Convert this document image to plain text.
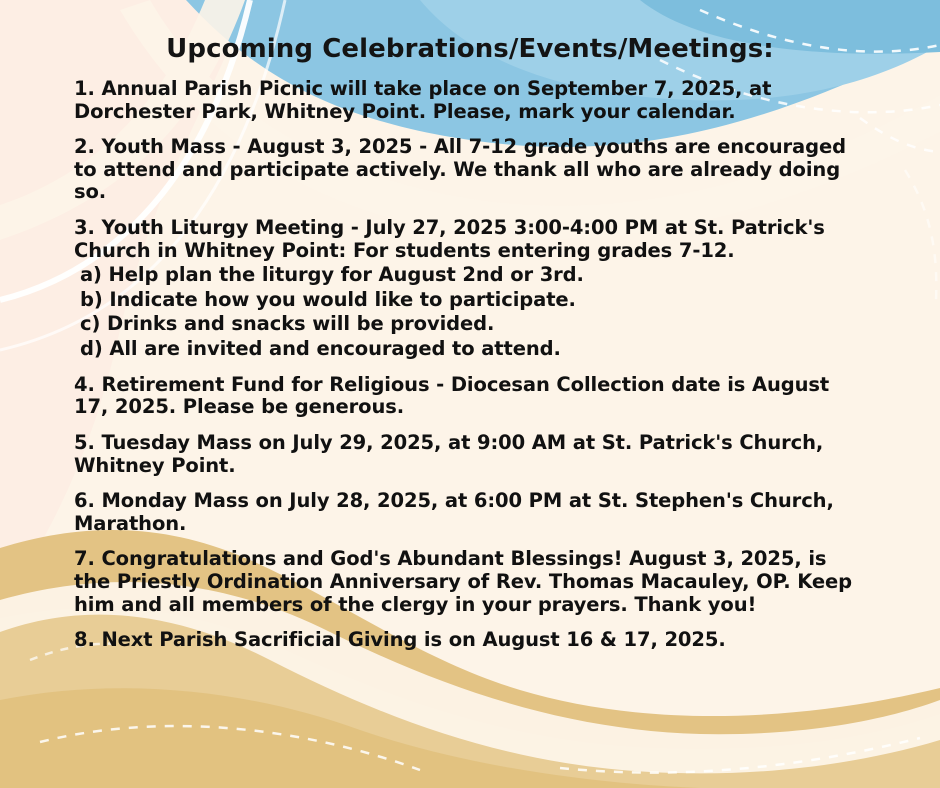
Upcoming Celebrations/Events/Meetings:

1. Annual Parish Picnic will take place on September 7, 2025, at Dorchester Park, Whitney Point. Please, mark your calendar.

2. Youth Mass - August 3, 2025 - All 7-12 grade youths are encouraged to attend and participate actively. We thank all who are already doing so.

3. Youth Liturgy Meeting - July 27, 2025 3:00-4:00 PM at St. Patrick's Church in Whitney Point: For students entering grades 7-12.

a) Help plan the liturgy for August 2nd or 3rd.

b) Indicate how you would like to participate.

c) Drinks and snacks will be provided.

d) All are invited and encouraged to attend.

4. Retirement Fund for Religious - Diocesan Collection date is August 17, 2025. Please be generous.

5. Tuesday Mass on July 29, 2025, at 9:00 AM at St. Patrick's Church, Whitney Point.

6. Monday Mass on July 28, 2025, at 6:00 PM at St. Stephen's Church, Marathon.

7. Congratulations and God's Abundant Blessings! August 3, 2025, is the Priestly Ordination Anniversary of Rev. Thomas Macauley, OP. Keep him and all members of the clergy in your prayers. Thank you!

8. Next Parish Sacrificial Giving is on August 16 & 17, 2025.
